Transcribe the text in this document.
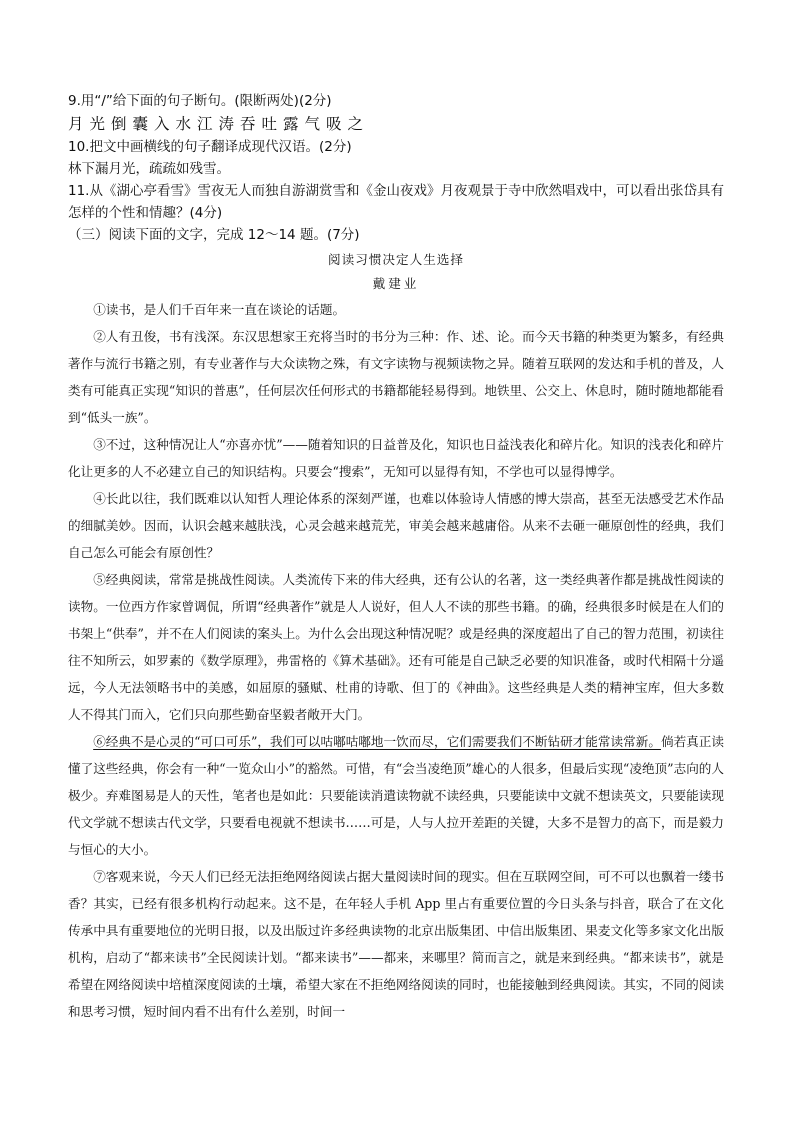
9.用“/”给下面的句子断句。(限断两处)(2分)

月光倒囊入水江涛吞吐露气吸之

10.把文中画横线的句子翻译成现代汉语。(2分)

林下漏月光，疏疏如残雪。

11.从《湖心亭看雪》雪夜无人而独自游湖赏雪和《金山夜戏》月夜观景于寺中欣然唱戏中，可以看出张岱具有怎样的个性和情趣？(4分)

（三）阅读下面的文字，完成 12～14 题。(7分)

阅读习惯决定人生选择

戴建业

①读书，是人们千百年来一直在谈论的话题。

②人有丑俊，书有浅深。东汉思想家王充将当时的书分为三种：作、述、论。而今天书籍的种类更为繁多，有经典著作与流行书籍之别，有专业著作与大众读物之殊，有文字读物与视频读物之异。随着互联网的发达和手机的普及，人类有可能真正实现“知识的普惠”，任何层次任何形式的书籍都能轻易得到。地铁里、公交上、休息时，随时随地都能看到“低头一族”。

③不过，这种情况让人“亦喜亦忧”——随着知识的日益普及化，知识也日益浅表化和碎片化。知识的浅表化和碎片化让更多的人不必建立自己的知识结构。只要会“搜索”，无知可以显得有知，不学也可以显得博学。

④长此以往，我们既难以认知哲人理论体系的深刻严谨，也难以体验诗人情感的博大崇高，甚至无法感受艺术作品的细腻美妙。因而，认识会越来越肤浅，心灵会越来越荒芜，审美会越来越庸俗。从来不去砸一砸原创性的经典，我们自己怎么可能会有原创性？

⑤经典阅读，常常是挑战性阅读。人类流传下来的伟大经典，还有公认的名著，这一类经典著作都是挑战性阅读的读物。一位西方作家曾调侃，所谓“经典著作”就是人人说好，但人人不读的那些书籍。的确，经典很多时候是在人们的书架上“供奉”，并不在人们阅读的案头上。为什么会出现这种情况呢？或是经典的深度超出了自己的智力范围，初读往往不知所云，如罗素的《数学原理》，弗雷格的《算术基础》。还有可能是自己缺乏必要的知识准备，或时代相隔十分遥远，今人无法领略书中的美感，如屈原的骚赋、杜甫的诗歌、但丁的《神曲》。这些经典是人类的精神宝库，但大多数人不得其门而入，它们只向那些勤奋坚毅者敞开大门。

⑥经典不是心灵的“可口可乐”，我们可以咕嘟咕嘟地一饮而尽，它们需要我们不断钻研才能常读常新。倘若真正读懂了这些经典，你会有一种“一览众山小”的豁然。可惜，有“会当凌绝顶”雄心的人很多，但最后实现“凌绝顶”志向的人极少。弃难图易是人的天性，笔者也是如此：只要能读消遣读物就不读经典，只要能读中文就不想读英文，只要能读现代文学就不想读古代文学，只要看电视就不想读书……可是，人与人拉开差距的关键，大多不是智力的高下，而是毅力与恒心的大小。

⑦客观来说，今天人们已经无法拒绝网络阅读占据大量阅读时间的现实。但在互联网空间，可不可以也飘着一缕书香？其实，已经有很多机构行动起来。这不是，在年轻人手机 App 里占有重要位置的今日头条与抖音，联合了在文化传承中具有重要地位的光明日报，以及出版过许多经典读物的北京出版集团、中信出版集团、果麦文化等多家文化出版机构，启动了“都来读书”全民阅读计划。“都来读书”——都来，来哪里？简而言之，就是来到经典。“都来读书”，就是希望在网络阅读中培植深度阅读的土壤，希望大家在不拒绝网络阅读的同时，也能接触到经典阅读。其实，不同的阅读和思考习惯，短时间内看不出有什么差别，时间一
